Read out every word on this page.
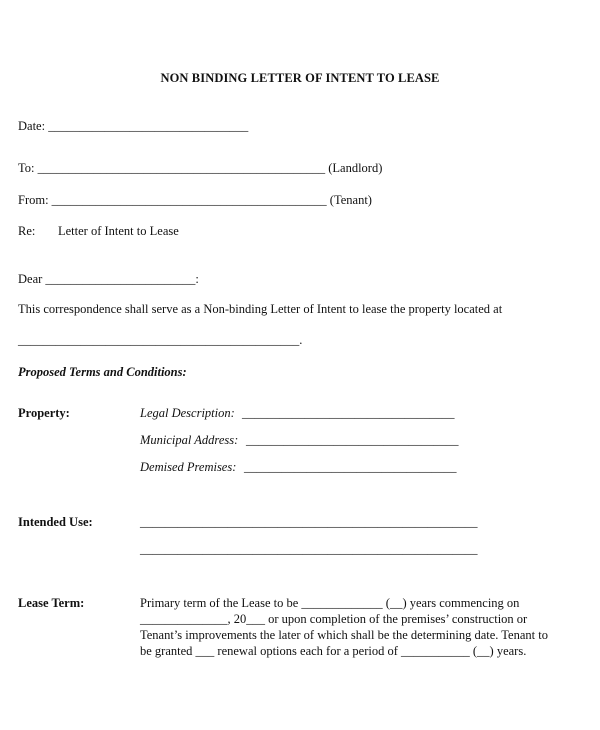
NON BINDING LETTER OF INTENT TO LEASE
Date: ________________________________
To: ______________________________________________ (Landlord)
From: ____________________________________________ (Tenant)
Re: Letter of Intent to Lease
Dear ________________________:
This correspondence shall serve as a Non-binding Letter of Intent to lease the property located at
_____________________________________________.
Proposed Terms and Conditions:
Property:	Legal Description: __________________________________
Municipal Address: __________________________________
Demised Premises: __________________________________
Intended Use:	______________________________________________________
______________________________________________________
Lease Term:	Primary term of the Lease to be _____________ (__) years commencing on
______________, 20___ or upon completion of the premises’ construction or
Tenant’s improvements the later of which shall be the determining date. Tenant to
be granted ___ renewal options each for a period of ___________ (__) years.
